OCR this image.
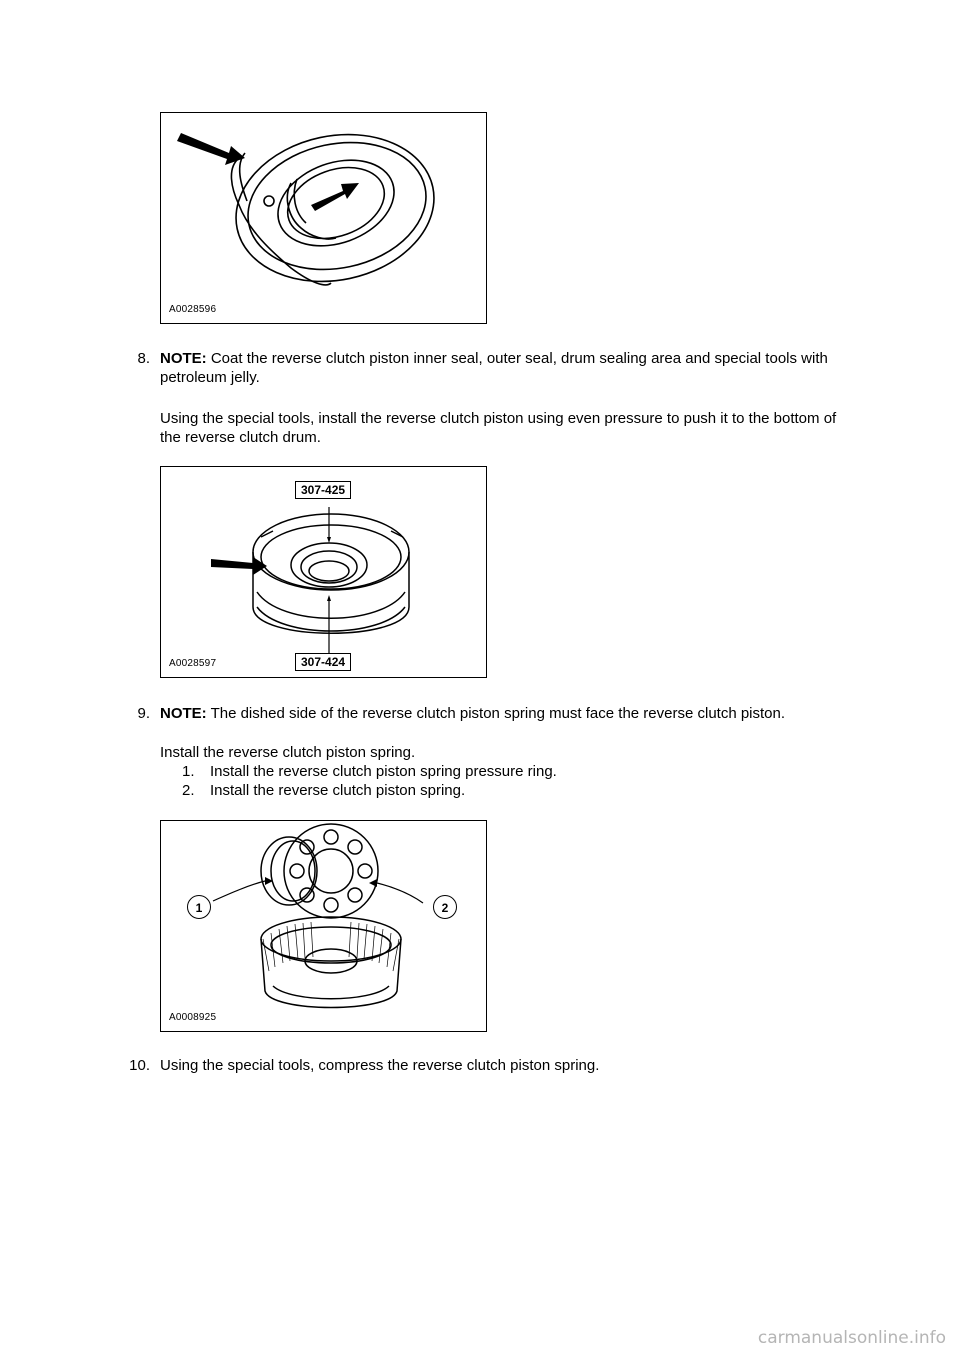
A0028596
8. NOTE: Coat the reverse clutch piston inner seal, outer seal, drum sealing area and special tools with petroleum jelly.
Using the special tools, install the reverse clutch piston using even pressure to push it to the bottom of the reverse clutch drum.
307-425
307-424
A0028597
9. NOTE: The dished side of the reverse clutch piston spring must face the reverse clutch piston.
Install the reverse clutch piston spring.
1. Install the reverse clutch piston spring pressure ring.
2. Install the reverse clutch piston spring.
1	2
A0008925
10. Using the special tools, compress the reverse clutch piston spring.
carmanualsonline.info
